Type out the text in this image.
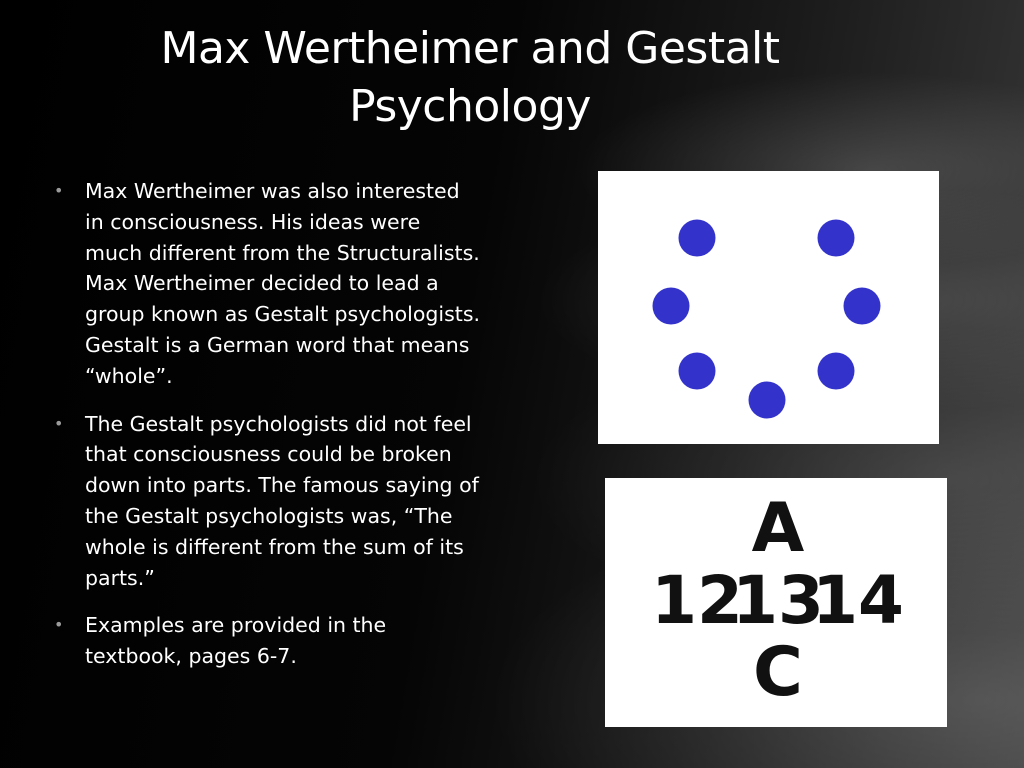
Max Wertheimer and Gestalt Psychology
• Max Wertheimer was also interested in consciousness. His ideas were much different from the Structuralists. Max Wertheimer decided to lead a group known as Gestalt psychologists. Gestalt is a German word that means “whole”.
• The Gestalt psychologists did not feel that consciousness could be broken down into parts. The famous saying of the Gestalt psychologists was, “The whole is different from the sum of its parts.”
• Examples are provided in the textbook, pages 6-7.
A
12
13
14
C
